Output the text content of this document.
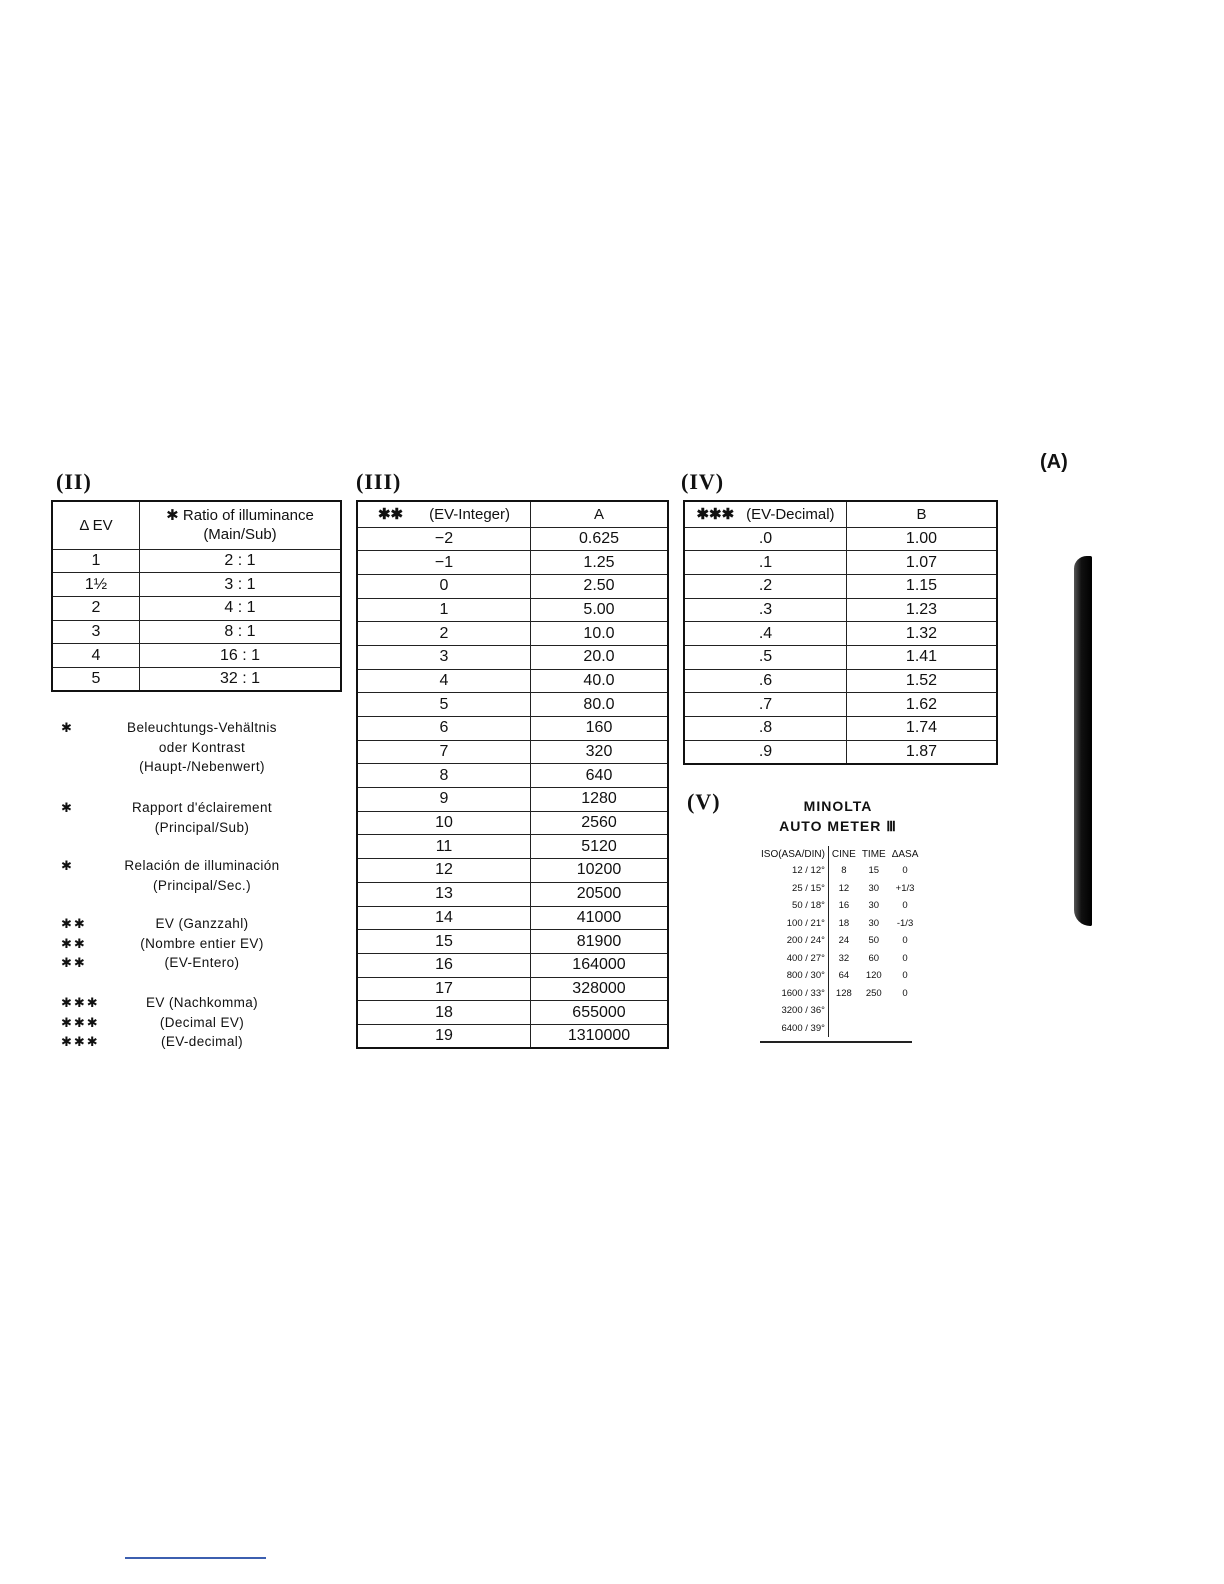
(II)	(III)	(IV)
(V)
(A)
Δ EV	✱ Ratio of illuminance
(Main/Sub)

1	2 : 1
1½	3 : 1
2	4 : 1
3	8 : 1
4	16 : 1
5	32 : 1
✱	Beleuchtungs-Vehältnis
oder Kontrast
(Haupt-/Nebenwert)
✱	Rapport d'éclairement
(Principal/Sub)
✱	Relación de illuminación
(Principal/Sec.)
✱✱	EV (Ganzzahl)
✱✱	(Nombre entier EV)
✱✱	(EV-Entero)
✱✱✱	EV (Nachkomma)
✱✱✱	(Decimal EV)
✱✱✱	(EV-decimal)
✱✱ (EV-Integer)	A
−2	0.625
−1	1.25
0	2.50
1	5.00
2	10.0
3	20.0
4	40.0
5	80.0
6	160
7	320
8	640
9	1280
10	2560
11	5120
12	10200
13	20500
14	41000
15	81900
16	164000
17	328000
18	655000
19	1310000
✱✱✱ (EV-Decimal)	B
.0	1.00
.1	1.07
.2	1.15
.3	1.23
.4	1.32
.5	1.41
.6	1.52
.7	1.62
.8	1.74
.9	1.87
MINOLTA
AUTO METER Ⅲ
ISO(ASA/DIN)	CINE	TIME	ΔASA
12 / 12°	8	15	0
25 / 15°	12	30	+1/3
50 / 18°	16	30	0
100 / 21°	18	30	-1/3
200 / 24°	24	50	0
400 / 27°	32	60	0
800 / 30°	64	120	0
1600 / 33°	128	250	0
3200 / 36°			
6400 / 39°			
